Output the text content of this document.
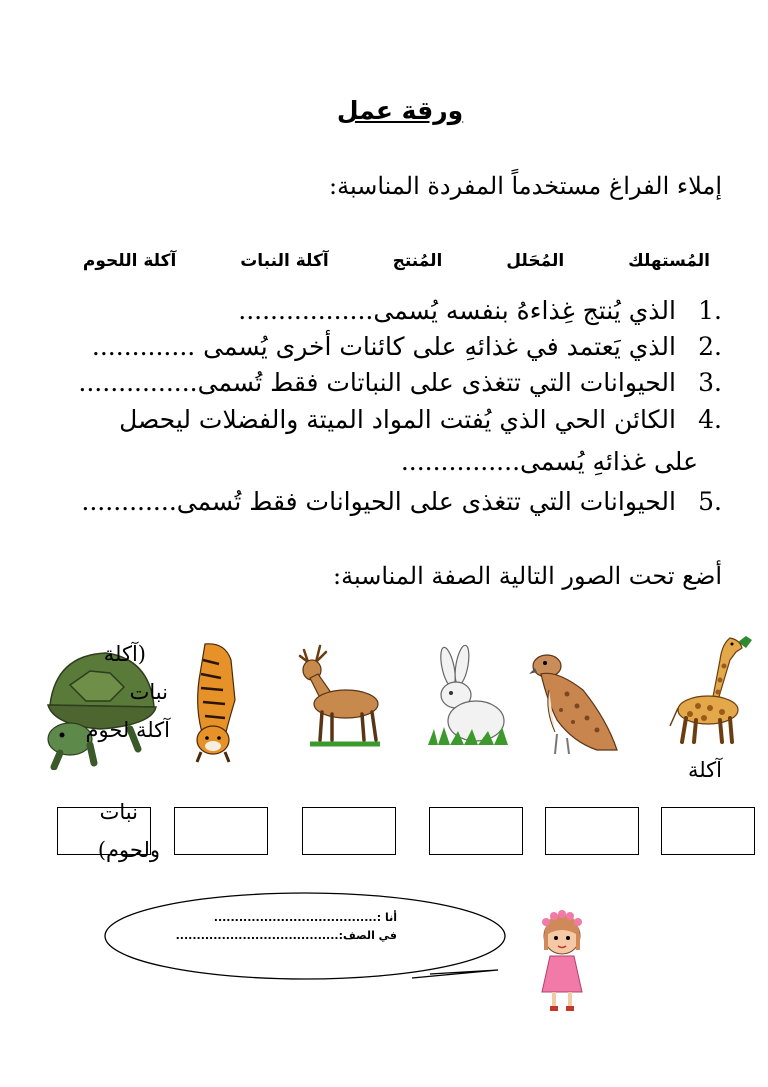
ورقة عمل
إملاء الفراغ مستخدماً المفردة المناسبة:
المُستهلك المُحَلل المُنتج آكلة النبات آكلة اللحوم
.1الذي يُنتج غِذاءهُ بنفسه يُسمى.................
.2الذي يَعتمد في غذائهِ على كائنات أخرى يُسمى .............
.3الحيوانات التي تتغذى على النباتات فقط تُسمى...............
.4الكائن الحي الذي يُفتت المواد الميتة والفضلات ليحصل
على غذائهِ يُسمى...............
.5الحيوانات التي تتغذى على الحيوانات فقط تُسمى............
أضع تحت الصور التالية الصفة المناسبة:
(آكلة
نبات
آكلة لحوم
نبات
ولحوم)
آكلة
أنا :.......................................
في الصف:.......................................
